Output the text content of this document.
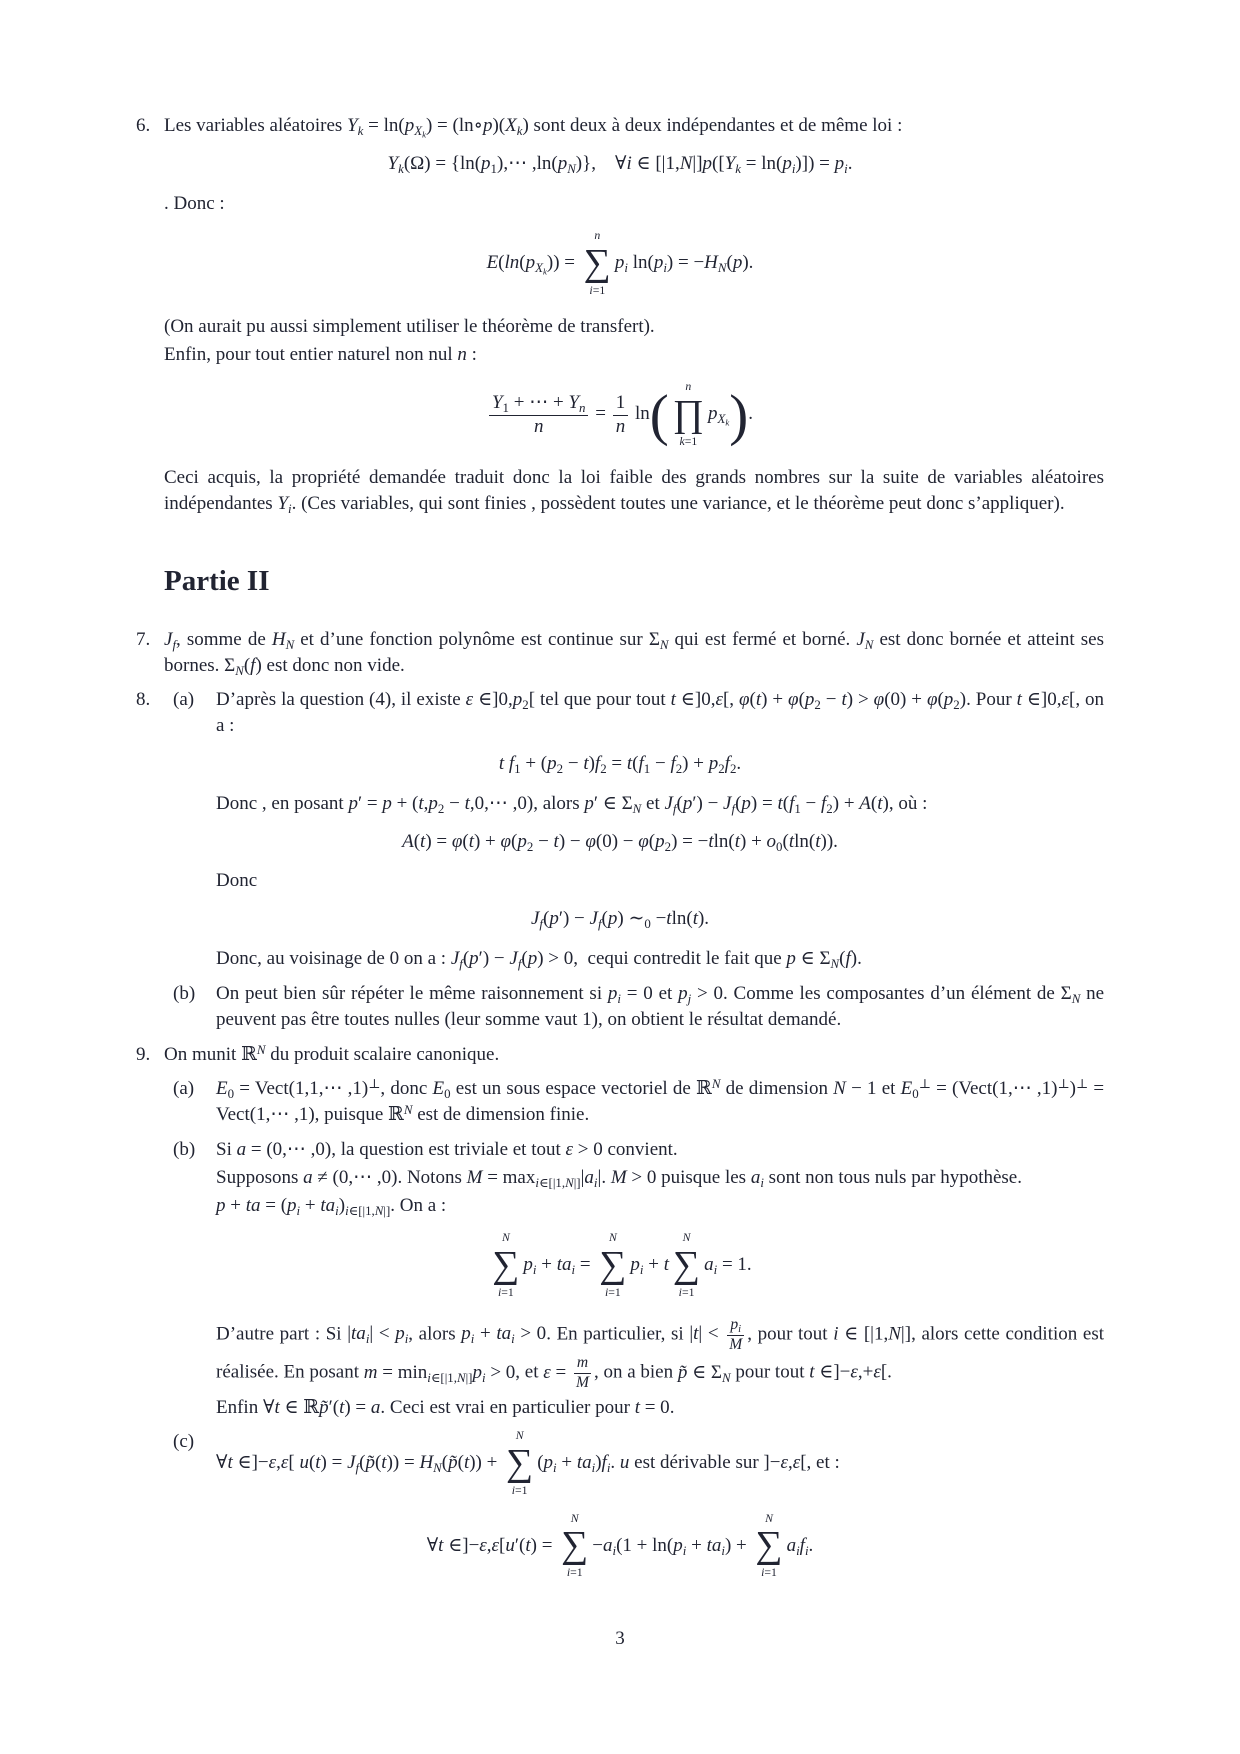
6. Les variables aléatoires $Y_k = \ln(p_{X_k})$ = $(\ln\circ p)(X_k)$ sont deux à deux indépendantes et de même loi :
$Y_k(\Omega)$ = {$\ln(p_1),\cdots$ $,\ln(p_N)$}, ∀i ∈ $[|1,N|]p([Y_k = \ln(p_i)]) = p_i$.
. Donc :
$E(\ln(p_{X_k}))$ =
n
∑
i=1
$p_i$ $\ln(p_i) = -H_N(p)$.
(On aurait pu aussi simplement utiliser le théorème de transfert).
Enfin, pour tout entier naturel non nul n :
$\frac{Y_1 + \cdots + Y_n}{n} = \frac{1}{n}$ ln ( n
∏
k=1
$p_{X_k}$ ) .
Ceci acquis, la propriété demandée traduit donc la loi faible des grands nombres sur la suite de variables aléatoires indépendantes $Y_i$. (Ces variables, qui sont finies , possèdent toutes une variance, et le théorème peut donc s’appliquer).
Partie II
7. $J_f$, somme de $H_N$ et d’une fonction polynôme est continue sur $\Sigma_N$ qui est fermé et borné. $J_N$ est donc bornée et atteint ses bornes. $\Sigma_N(f)$ est donc non vide.
8. (a) D’après la question (4), il existe ε $\in]0,p_2$[ tel que pour tout t ∈]0,ε[, $\varphi(t) + \varphi(p_2 - t) > \varphi(0) + \varphi(p_2)$. Pour t ∈]0,ε[, on a :
t $f_1 + (p_2 - t)f_2 = t(f_1 - f_2) + p_2f_2$.
Donc , en posant $p' = p + (t,p_2$ − t,0,⋯ ,0), alors p′ ∈ $\Sigma_N$ et $J_f(p') - J_f(p) = t(f_1 - f_2) + A(t)$, où :
$A(t) = \varphi(t) + \varphi(p_2 - t) - \varphi(0) - \varphi(p_2) = -tln(t) + o_0(tln(t))$.
Donc
$J_f(p') - J_f(p)$ $\sim_0 -tln(t)$.
Donc, au voisinage de 0 on a : $J_f(p') - J_f(p) > 0$, cequi contredit le fait que p ∈ $\Sigma_N(f)$.
(b) On peut bien sûr répéter le même raisonnement si $p_i = 0$ et $p_j > 0$. Comme les composantes d’un élément de $\Sigma_N$ ne peuvent pas être toutes nulles (leur somme vaut 1), on obtient le résultat demandé.
9. On munit ℝ$^N$ du produit scalaire canonique.
(a) $E_0$ = Vect(1,1,⋯ ,1)⊥, donc $E_0$ est un sous espace vectoriel de ℝ$^N$ de dimension N − 1 et $E_0^\perp$ = (Vect(1,⋯ ,1)⊥)⊥ = Vect(1,⋯ ,1), puisque ℝ$^N$ est de dimension finie.
(b) Si a = (0,⋯ ,0), la question est triviale et tout ε > 0 convient.
Supposons a ≠ (0,⋯ ,0). Notons $M = \max_{i\in[|1,N|]}|a_i|$. M > 0 puisque les $a_i$ sont non tous nuls par hypothèse.
p + ta = $(p_i + ta_i)_{i\in[|1,N|]}$. On a :
N
∑
i=1
$p_i + ta_i$ =
N
∑
i=1
$p_i + t$
N
∑
i=1
$a_i = 1$.
D’autre part : Si $|ta_i| < p_i$, alors $p_i + ta_i > 0$. En particulier, si $|t| < \frac{p_i}{M}$ , pour tout i ∈ [|1,N|], alors cette condition est réalisée. En posant $m = \min_{i\in[|1,N|]}p_i > 0$, et $\varepsilon = \frac{m}{M}$ , on a bien p̃ ∈ $\Sigma_N$ pour tout t ∈]−ε,+ε[.
Enfin ∀t ∈ ℝp̃′(t) = a. Ceci est vrai en particulier pour t = 0.
(c)
∀t ∈]−ε,ε[ $u(t) = J_f(p̃(t))$ = $H_N(p̃(t))$ +
N
∑
i=1
$(p_i + ta_i)f_i$. u est dérivable sur ]−ε,ε[, et :
∀t ∈]−ε,ε[u′(t) =
N
∑
i=1
$-a_i(1 + \ln(p_i + ta_i)$ +
N
∑
i=1
$a_if_i$.
3
